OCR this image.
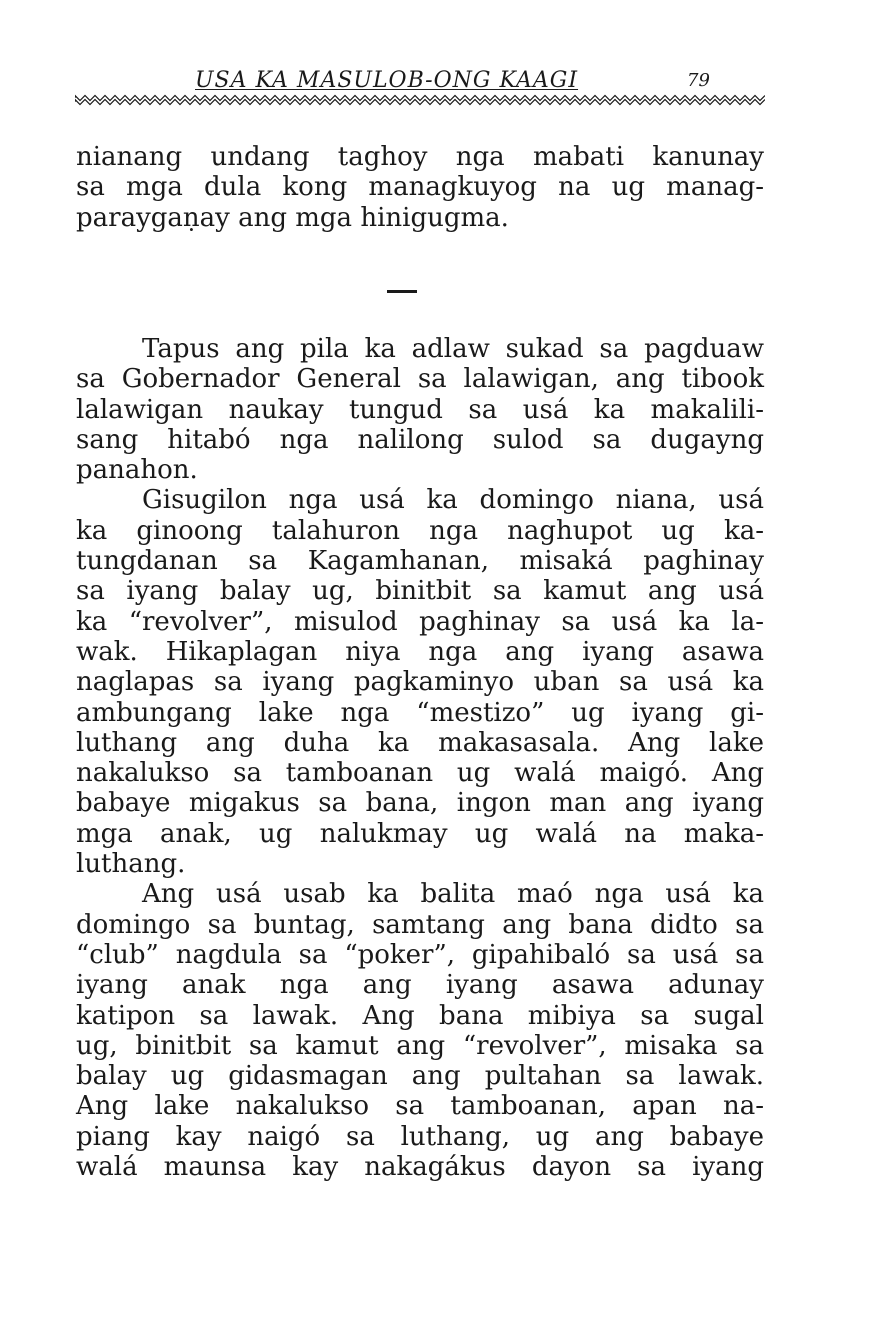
USA KA MASULOB-ONG KAAGI	79
nianang undang taghoy nga mabati kanunay
sa mga dula kong managkuyog na ug manag-
paraygaṇay ang mga hinigugma.
Tapus ang pila ka adlaw sukad sa pagduaw
sa Gobernador General sa lalawigan, ang tibook
lalawigan naukay tungud sa usá ka makalili-
sang hitabó nga nalilong sulod sa dugayng
panahon.
Gisugilon nga usá ka domingo niana, usá
ka ginoong talahuron nga naghupot ug ka-
tungdanan sa Kagamhanan, misaká paghinay
sa iyang balay ug, binitbit sa kamut ang usá
ka “revolver”, misulod paghinay sa usá ka la-
wak. Hikaplagan niya nga ang iyang asawa
naglapas sa iyang pagkaminyo uban sa usá ka
ambungang lake nga “mestizo” ug iyang gi-
luthang ang duha ka makasasala. Ang lake
nakalukso sa tamboanan ug walá maigó. Ang
babaye migakus sa bana, ingon man ang iyang
mga anak, ug nalukmay ug walá na maka-
luthang.
Ang usá usab ka balita maó nga usá ka
domingo sa buntag, samtang ang bana didto sa
“club” nagdula sa “poker”, gipahibaló sa usá sa
iyang anak nga ang iyang asawa adunay
katipon sa lawak. Ang bana mibiya sa sugal
ug, binitbit sa kamut ang “revolver”, misaka sa
balay ug gidasmagan ang pultahan sa lawak.
Ang lake nakalukso sa tamboanan, apan na-
piang kay naigó sa luthang, ug ang babaye
walá maunsa kay nakagákus dayon sa iyang
